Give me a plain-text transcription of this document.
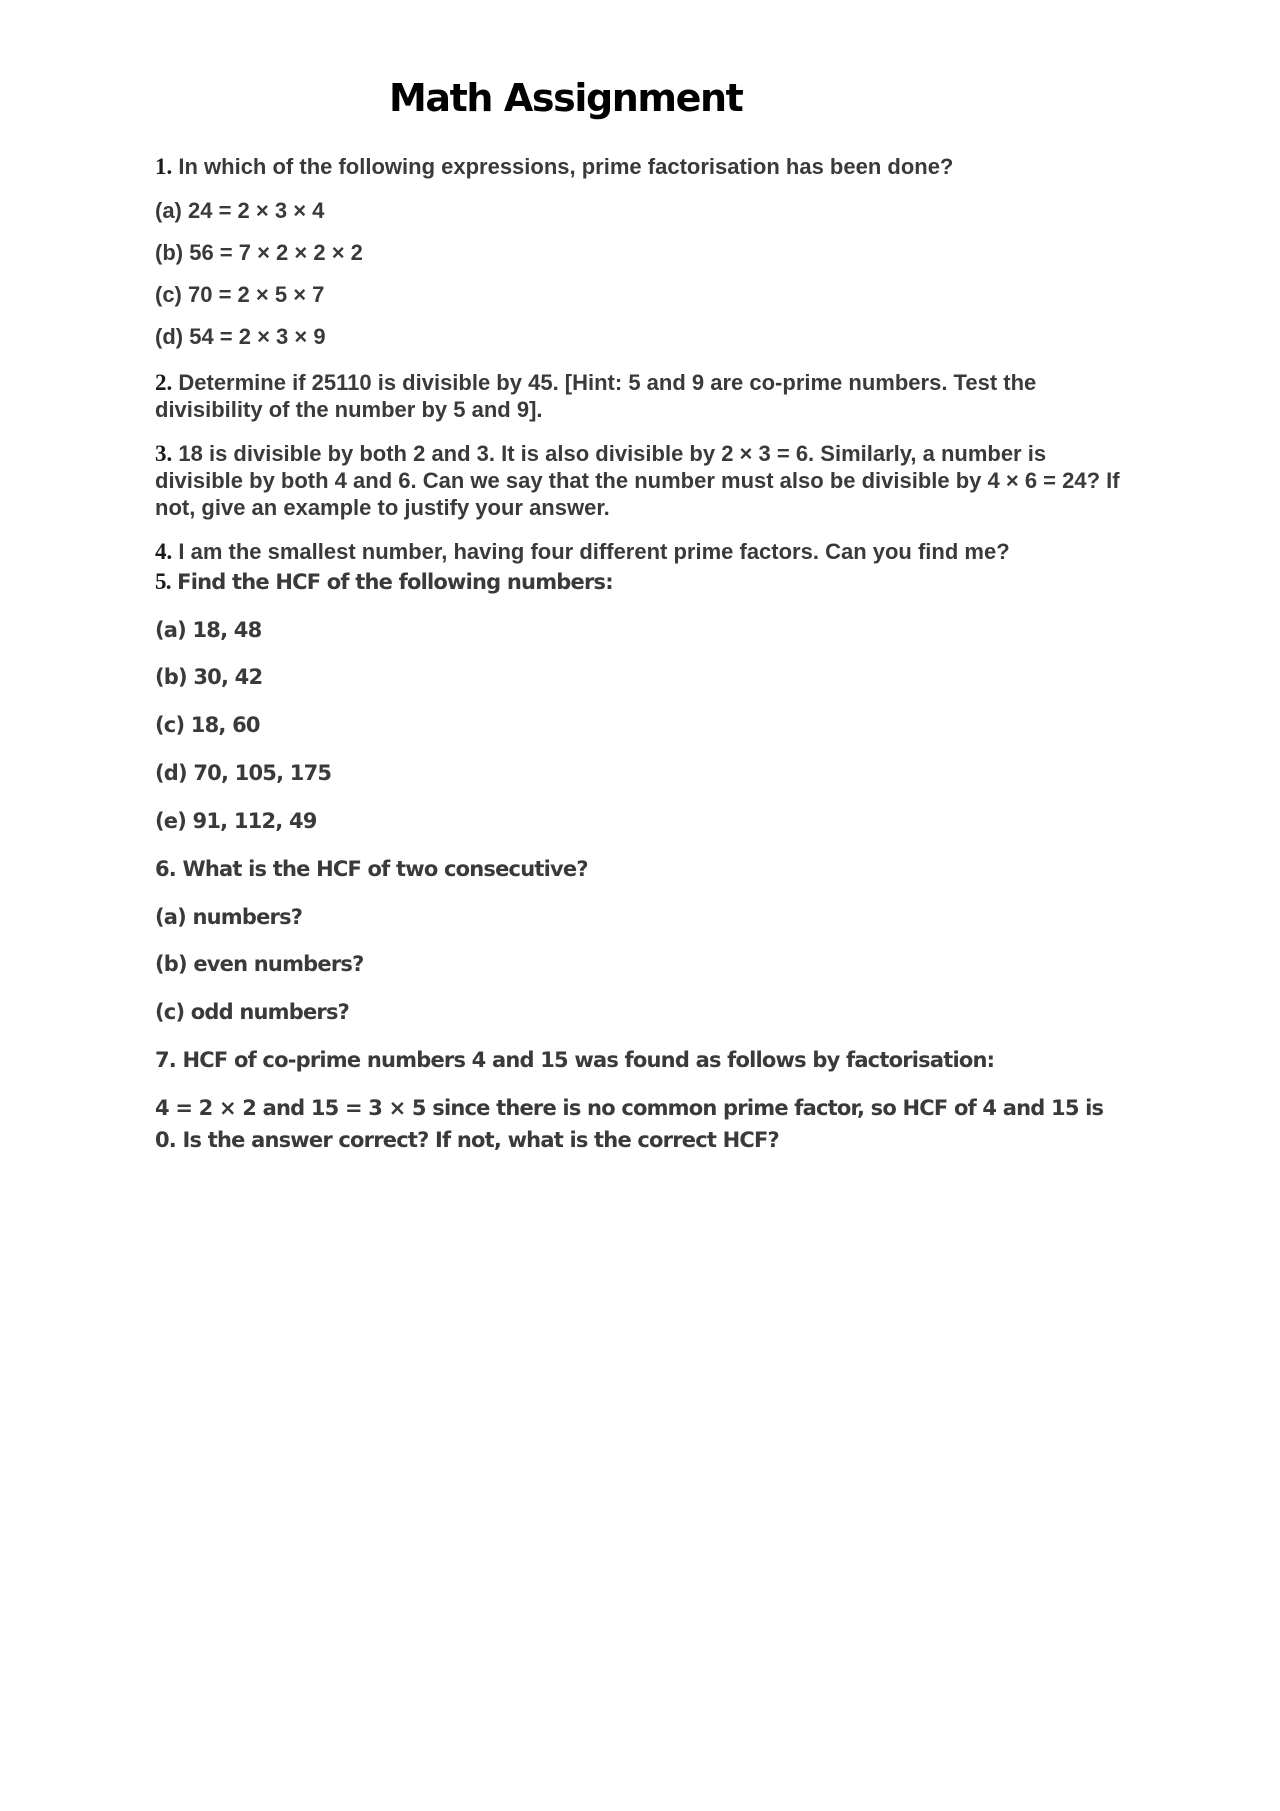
Math Assignment

1. In which of the following expressions, prime factorisation has been done?

(a) 24 = 2 × 3 × 4

(b) 56 = 7 × 2 × 2 × 2

(c) 70 = 2 × 5 × 7

(d) 54 = 2 × 3 × 9

2. Determine if 25110 is divisible by 45. [Hint: 5 and 9 are co-prime numbers. Test the divisibility of the number by 5 and 9].

3. 18 is divisible by both 2 and 3. It is also divisible by 2 × 3 = 6. Similarly, a number is divisible by both 4 and 6. Can we say that the number must also be divisible by 4 × 6 = 24? If not, give an example to justify your answer.

4. I am the smallest number, having four different prime factors. Can you find me?

5. Find the HCF of the following numbers:

(a) 18, 48

(b) 30, 42

(c) 18, 60

(d) 70, 105, 175

(e) 91, 112, 49

6. What is the HCF of two consecutive?

(a) numbers?

(b) even numbers?

(c) odd numbers?

7. HCF of co-prime numbers 4 and 15 was found as follows by factorisation:

4 = 2 × 2 and 15 = 3 × 5 since there is no common prime factor, so HCF of 4 and 15 is 0. Is the answer correct? If not, what is the correct HCF?
